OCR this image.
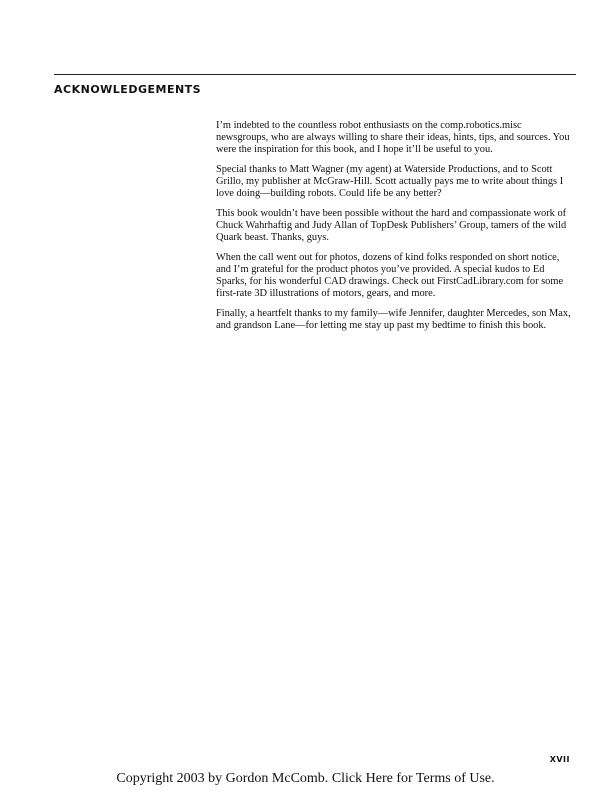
acknowledgements

I’m indebted to the countless robot enthusiasts on the comp.robotics.misc newsgroups, who are always willing to share their ideas, hints, tips, and sources. You were the inspiration for this book, and I hope it’ll be useful to you.

Special thanks to Matt Wagner (my agent) at Waterside Productions, and to Scott Grillo, my publisher at McGraw-Hill. Scott actually pays me to write about things I love doing—building robots. Could life be any better?

This book wouldn’t have been possible without the hard and compassionate work of Chuck Wahrhaftig and Judy Allan of TopDesk Publishers’ Group, tamers of the wild Quark beast. Thanks, guys.

When the call went out for photos, dozens of kind folks responded on short notice, and I’m grateful for the product photos you’ve provided. A special kudos to Ed Sparks, for his wonderful CAD drawings. Check out FirstCadLibrary.com for some first-rate 3D illustrations of motors, gears, and more.

Finally, a heartfelt thanks to my family—wife Jennifer, daughter Mercedes, son Max, and grandson Lane—for letting me stay up past my bedtime to finish this book.

xvii
Copyright 2003 by Gordon McComb. Click Here for Terms of Use.
